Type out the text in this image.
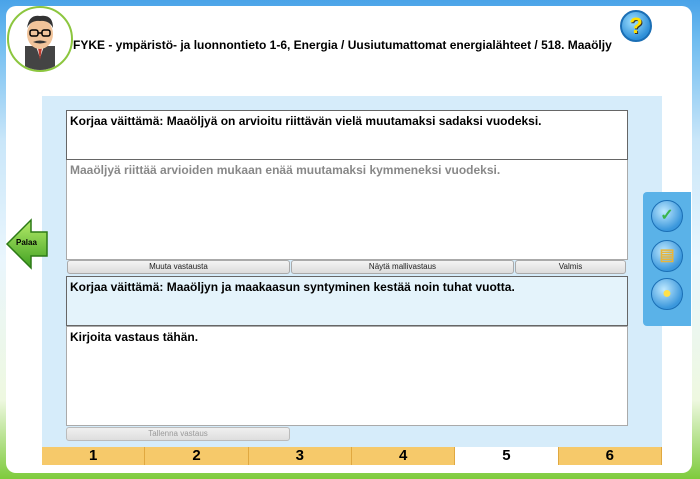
?
FYKE - ympäristö- ja luonnontieto 1-6, Energia / Uusiutumattomat energialähteet / 518. Maaöljy
Korjaa väittämä: Maaöljyä on arvioitu riittävän vielä muutamaksi sadaksi vuodeksi.
Maaöljyä riittää arvioiden mukaan enää muutamaksi kymmeneksi vuodeksi.
Muuta vastausta	Näytä mallivastaus	Valmis
Korjaa väittämä: Maaöljyn ja maakaasun syntyminen kestää noin tuhat vuotta.
Kirjoita vastaus tähän.
Tallenna vastaus
Palaa
✓
▤
●
1	2	3	4	5	6
